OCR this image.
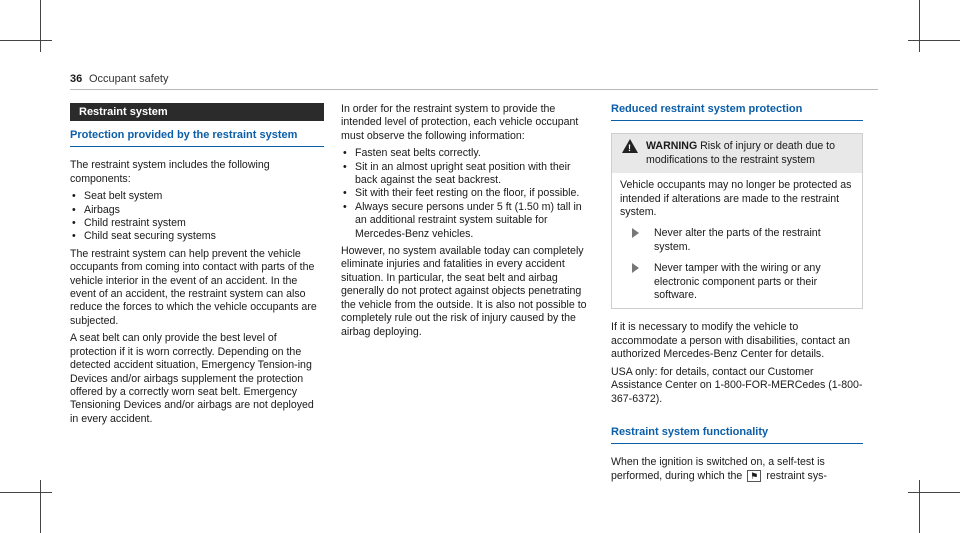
36 Occupant safety
Restraint system
Protection provided by the restraint system

The restraint system includes the following components:

• Seat belt system
• Airbags
• Child restraint system
• Child seat securing systems

The restraint system can help prevent the vehicle occupants from coming into contact with parts of the vehicle interior in the event of an accident. In the event of an accident, the restraint system can also reduce the forces to which the vehicle occupants are subjected.

A seat belt can only provide the best level of protection if it is worn correctly. Depending on the detected accident situation, Emergency Tension-ing Devices and/or airbags supplement the protection offered by a correctly worn seat belt. Emergency Tensioning Devices and/or airbags are not deployed in every accident.

In order for the restraint system to provide the intended level of protection, each vehicle occupant must observe the following information:

• Fasten seat belts correctly.
• Sit in an almost upright seat position with their back against the seat backrest.
• Sit with their feet resting on the floor, if possible.
• Always secure persons under 5 ft (1.50 m) tall in an additional restraint system suitable for Mercedes-Benz vehicles.

However, no system available today can completely eliminate injuries and fatalities in every accident situation. In particular, the seat belt and airbag generally do not protect against objects penetrating the vehicle from the outside. It is also not possible to completely rule out the risk of injury caused by the airbag deploying.

Reduced restraint system protection
! WARNING Risk of injury or death due to modifications to the restraint system
Vehicle occupants may no longer be protected as intended if alterations are made to the restraint system.
Never alter the parts of the restraint system.
Never tamper with the wiring or any electronic component parts or their software.

If it is necessary to modify the vehicle to accommodate a person with disabilities, contact an authorized Mercedes-Benz Center for details.

USA only: for details, contact our Customer Assistance Center on 1-800-FOR-MERCedes (1-800-367-6372).

Restraint system functionality

When the ignition is switched on, a self-test is performed, during which the ⚑ restraint sys-
